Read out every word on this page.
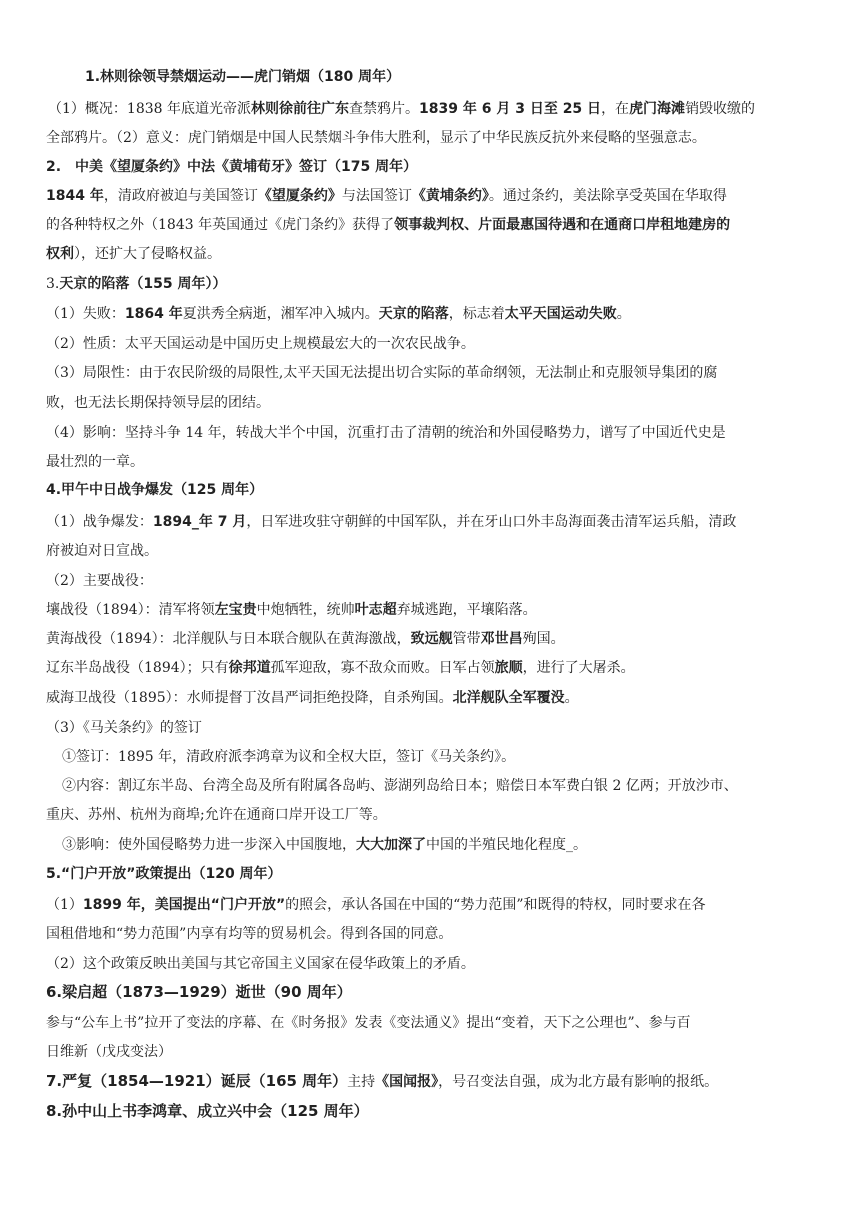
1.林则徐领导禁烟运动——虎门销烟（180 周年）
（1）概况：1838 年底道光帝派林则徐前往广东查禁鸦片。1839 年 6 月 3 日至 25 日，在虎门海滩销毁收缴的
全部鸦片。（2）意义：虎门销烟是中国人民禁烟斗争伟大胜利，显示了中华民族反抗外来侵略的坚强意志。
2.　中美《望厦条约》中法《黄埔荀牙》签订（175 周年）
1844 年，清政府被迫与美国签订《望厦条约》与法国签订《黄埔条约》。通过条约，美法除享受英国在华取得
的各种特权之外（1843 年英国通过《虎门条约》获得了领事裁判权、片面最惠国待遇和在通商口岸租地建房的
权利），还扩大了侵略权益。
3.天京的陷落（155 周年））
（1）失败：1864 年夏洪秀全病逝，湘军冲入城内。天京的陷落，标志着太平天国运动失败。
（2）性质：太平天国运动是中国历史上规模最宏大的一次农民战争。
（3）局限性：由于农民阶级的局限性,太平天国无法提出切合实际的革命纲领，无法制止和克服领导集团的腐
败，也无法长期保持领导层的团结。
（4）影响：坚持斗争 14 年，转战大半个中国，沉重打击了清朝的统治和外国侵略势力，谱写了中国近代史是
最壮烈的一章。
4.甲午中日战争爆发（125 周年）
（1）战争爆发：1894_年 7 月，日军进攻驻守朝鲜的中国军队，并在牙山口外丰岛海面袭击清军运兵船，清政
府被迫对日宣战。
（2）主要战役：
壤战役（1894）：清军将领左宝贵中炮牺牲，统帅叶志超弃城逃跑，平壤陷落。
黄海战役（1894）：北洋舰队与日本联合舰队在黄海激战，致远舰管带邓世昌殉国。
辽东半岛战役（1894）；只有徐邦道孤军迎敌，寡不敌众而败。日军占领旅顺，进行了大屠杀。
威海卫战役（1895）：水师提督丁汝昌严词拒绝投降，自杀殉国。北洋舰队全军覆没。
（3）《马关条约》的签订
①签订：1895 年，清政府派李鸿章为议和全权大臣，签订《马关条约》。
②内容：割辽东半岛、台湾全岛及所有附属各岛屿、澎湖列岛给日本；赔偿日本军费白银 2 亿两；开放沙市、
重庆、苏州、杭州为商埠;允许在通商口岸开设工厂等。
③影响：使外国侵略势力进一步深入中国腹地，大大加深了中国的半殖民地化程度_。
5.“门户开放”政策提出（120 周年）
（1）1899 年，美国提出“门户开放”的照会，承认各国在中国的“势力范围”和既得的特权，同时要求在各
国租借地和“势力范围”内享有均等的贸易机会。得到各国的同意。
（2）这个政策反映出美国与其它帝国主义国家在侵华政策上的矛盾。
6.梁启超（1873—1929）逝世（90 周年）
参与“公车上书”拉开了变法的序幕、在《时务报》发表《变法通义》提出“变着，天下之公理也”、参与百
日维新（戊戌变法）
7.严复（1854—1921）诞辰（165 周年）主持《国闻报》，号召变法自强，成为北方最有影响的报纸。
8.孙中山上书李鸿章、成立兴中会（125 周年）
